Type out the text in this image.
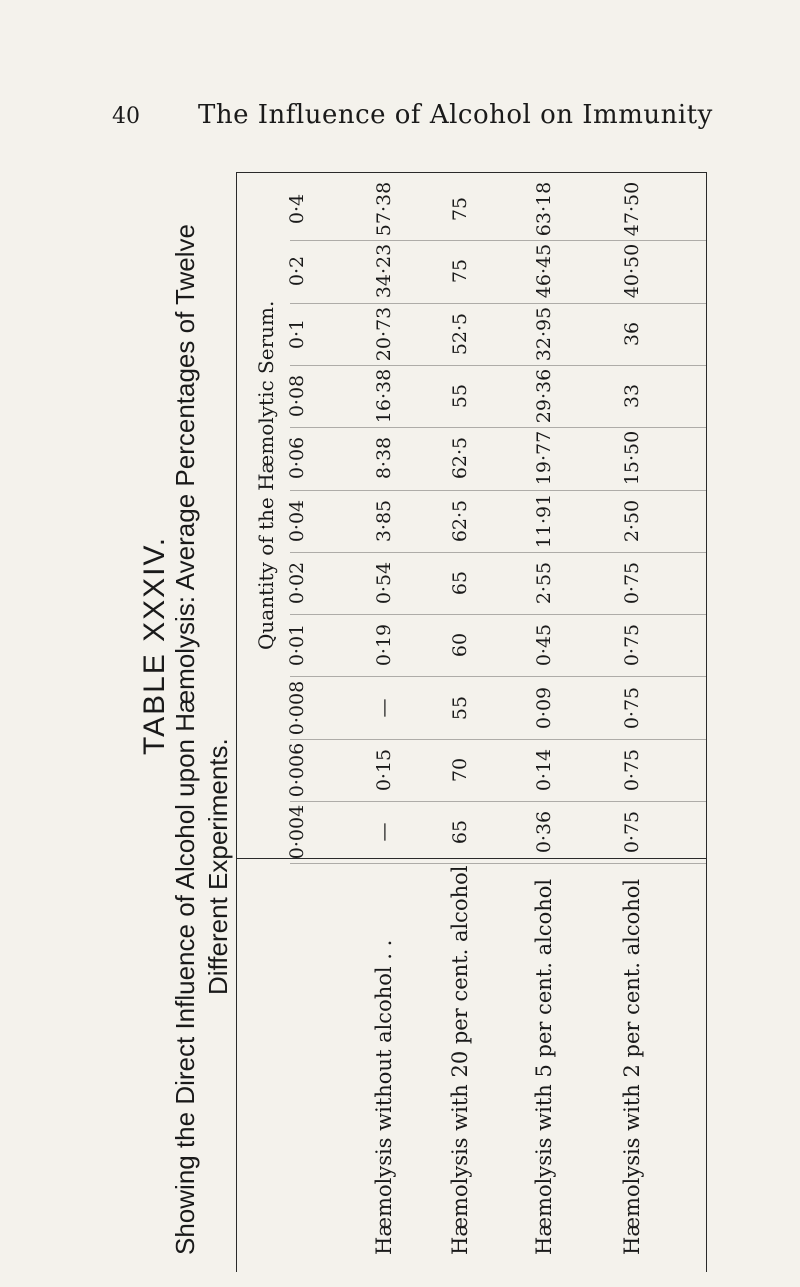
40 The Influence of Alcohol on Immunity
TABLE XXXIV. Showing the Direct Influence of Alcohol upon Hæmolysis: Average Percentages of Twelve Different Experiments.
Quantity of the Hæmolytic Serum.
0·4
0·2
0·1
0·08
0·06
0·04
0·02
0·01
0·008
0·006
0·004
Hæmolysis without alcohol . .
57·38
34·23
20·73
16·38
8·38
3·85
0·54
0·19
—
0·15
—
Hæmolysis with 20 per cent. alcohol
75
75
52·5
55
62·5
62·5
65
60
55
70
65
Hæmolysis with 5 per cent. alcohol
63·18
46·45
32·95
29·36
19·77
11·91
2·55
0·45
0·09
0·14
0·36
Hæmolysis with 2 per cent. alcohol
47·50
40·50
36
33
15·50
2·50
0·75
0·75
0·75
0·75
0·75
